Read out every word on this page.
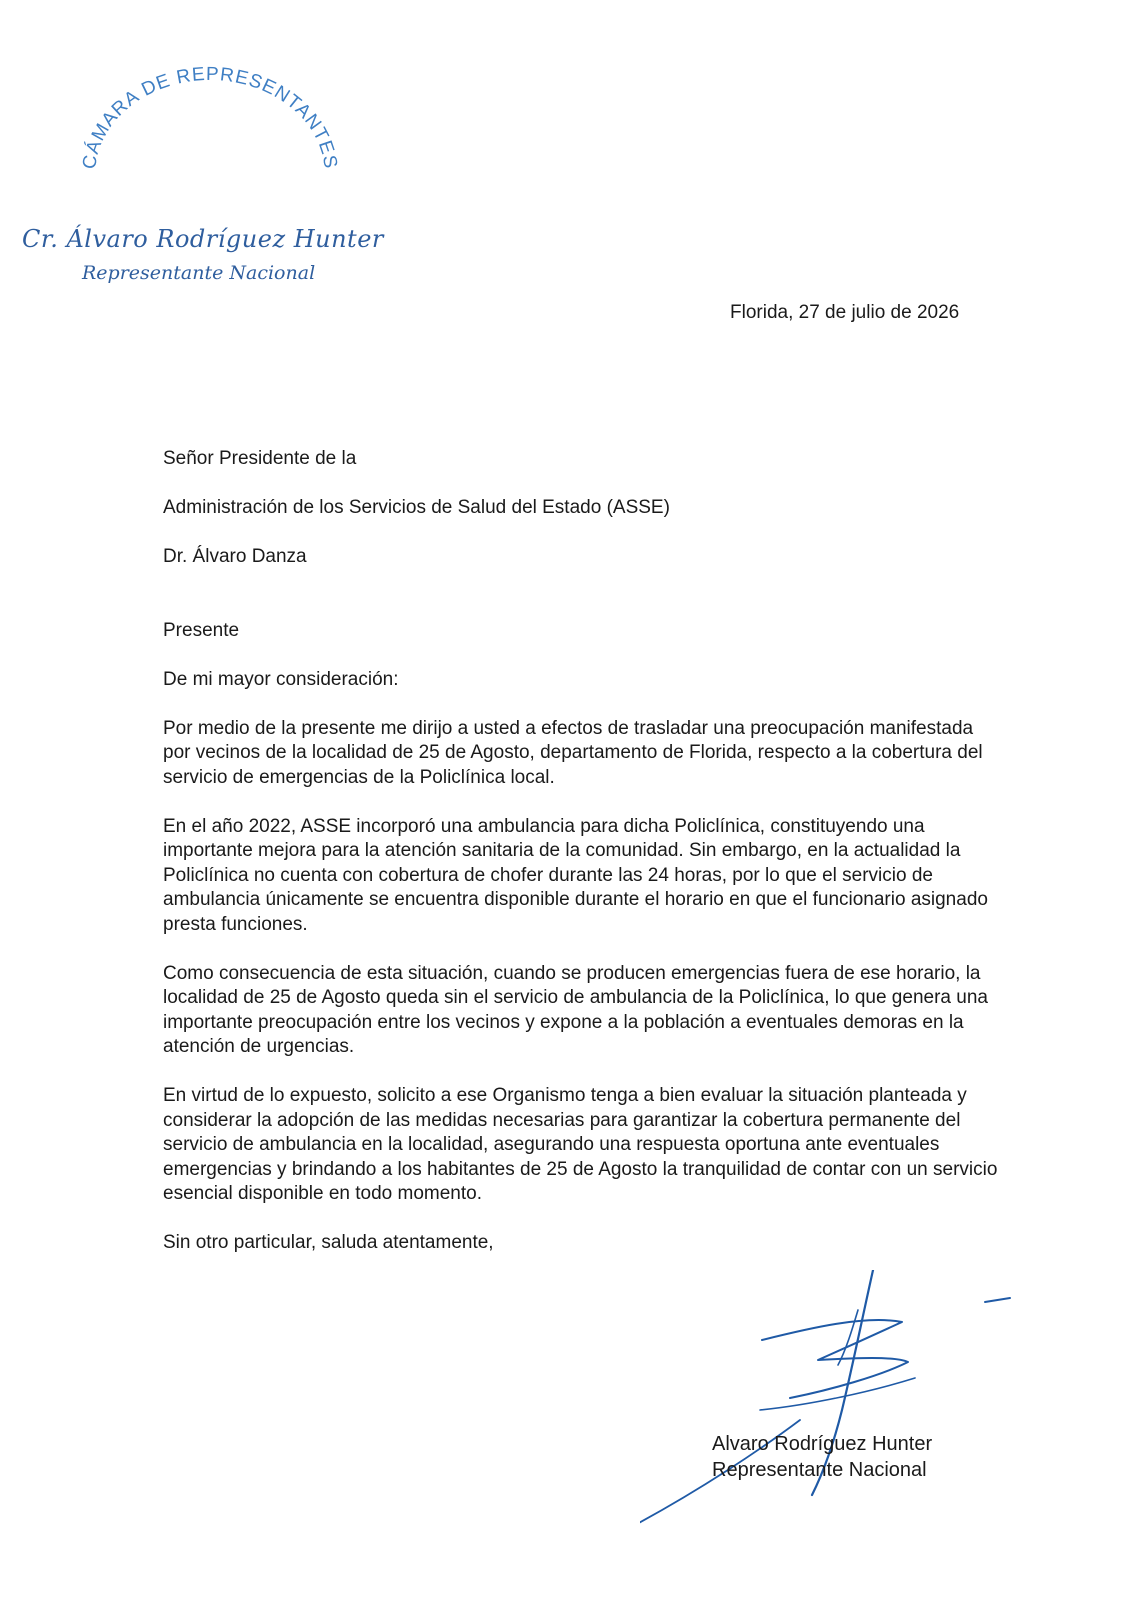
CÁMARA DE REPRESENTANTES
Cr. Álvaro Rodríguez Hunter
Representante Nacional
Florida, 27 de julio de 2026

Señor Presidente de la

Administración de los Servicios de Salud del Estado (ASSE)

Dr. Álvaro Danza

Presente

De mi mayor consideración:

Por medio de la presente me dirijo a usted a efectos de trasladar una preocupación manifestada por vecinos de la localidad de 25 de Agosto, departamento de Florida, respecto a la cobertura del servicio de emergencias de la Policlínica local.

En el año 2022, ASSE incorporó una ambulancia para dicha Policlínica, constituyendo una importante mejora para la atención sanitaria de la comunidad. Sin embargo, en la actualidad la Policlínica no cuenta con cobertura de chofer durante las 24 horas, por lo que el servicio de ambulancia únicamente se encuentra disponible durante el horario en que el funcionario asignado presta funciones.

Como consecuencia de esta situación, cuando se producen emergencias fuera de ese horario, la localidad de 25 de Agosto queda sin el servicio de ambulancia de la Policlínica, lo que genera una importante preocupación entre los vecinos y expone a la población a eventuales demoras en la atención de urgencias.

En virtud de lo expuesto, solicito a ese Organismo tenga a bien evaluar la situación planteada y considerar la adopción de las medidas necesarias para garantizar la cobertura permanente del servicio de ambulancia en la localidad, asegurando una respuesta oportuna ante eventuales emergencias y brindando a los habitantes de 25 de Agosto la tranquilidad de contar con un servicio esencial disponible en todo momento.

Sin otro particular, saluda atentamente,

Alvaro Rodríguez Hunter
Representante Nacional
